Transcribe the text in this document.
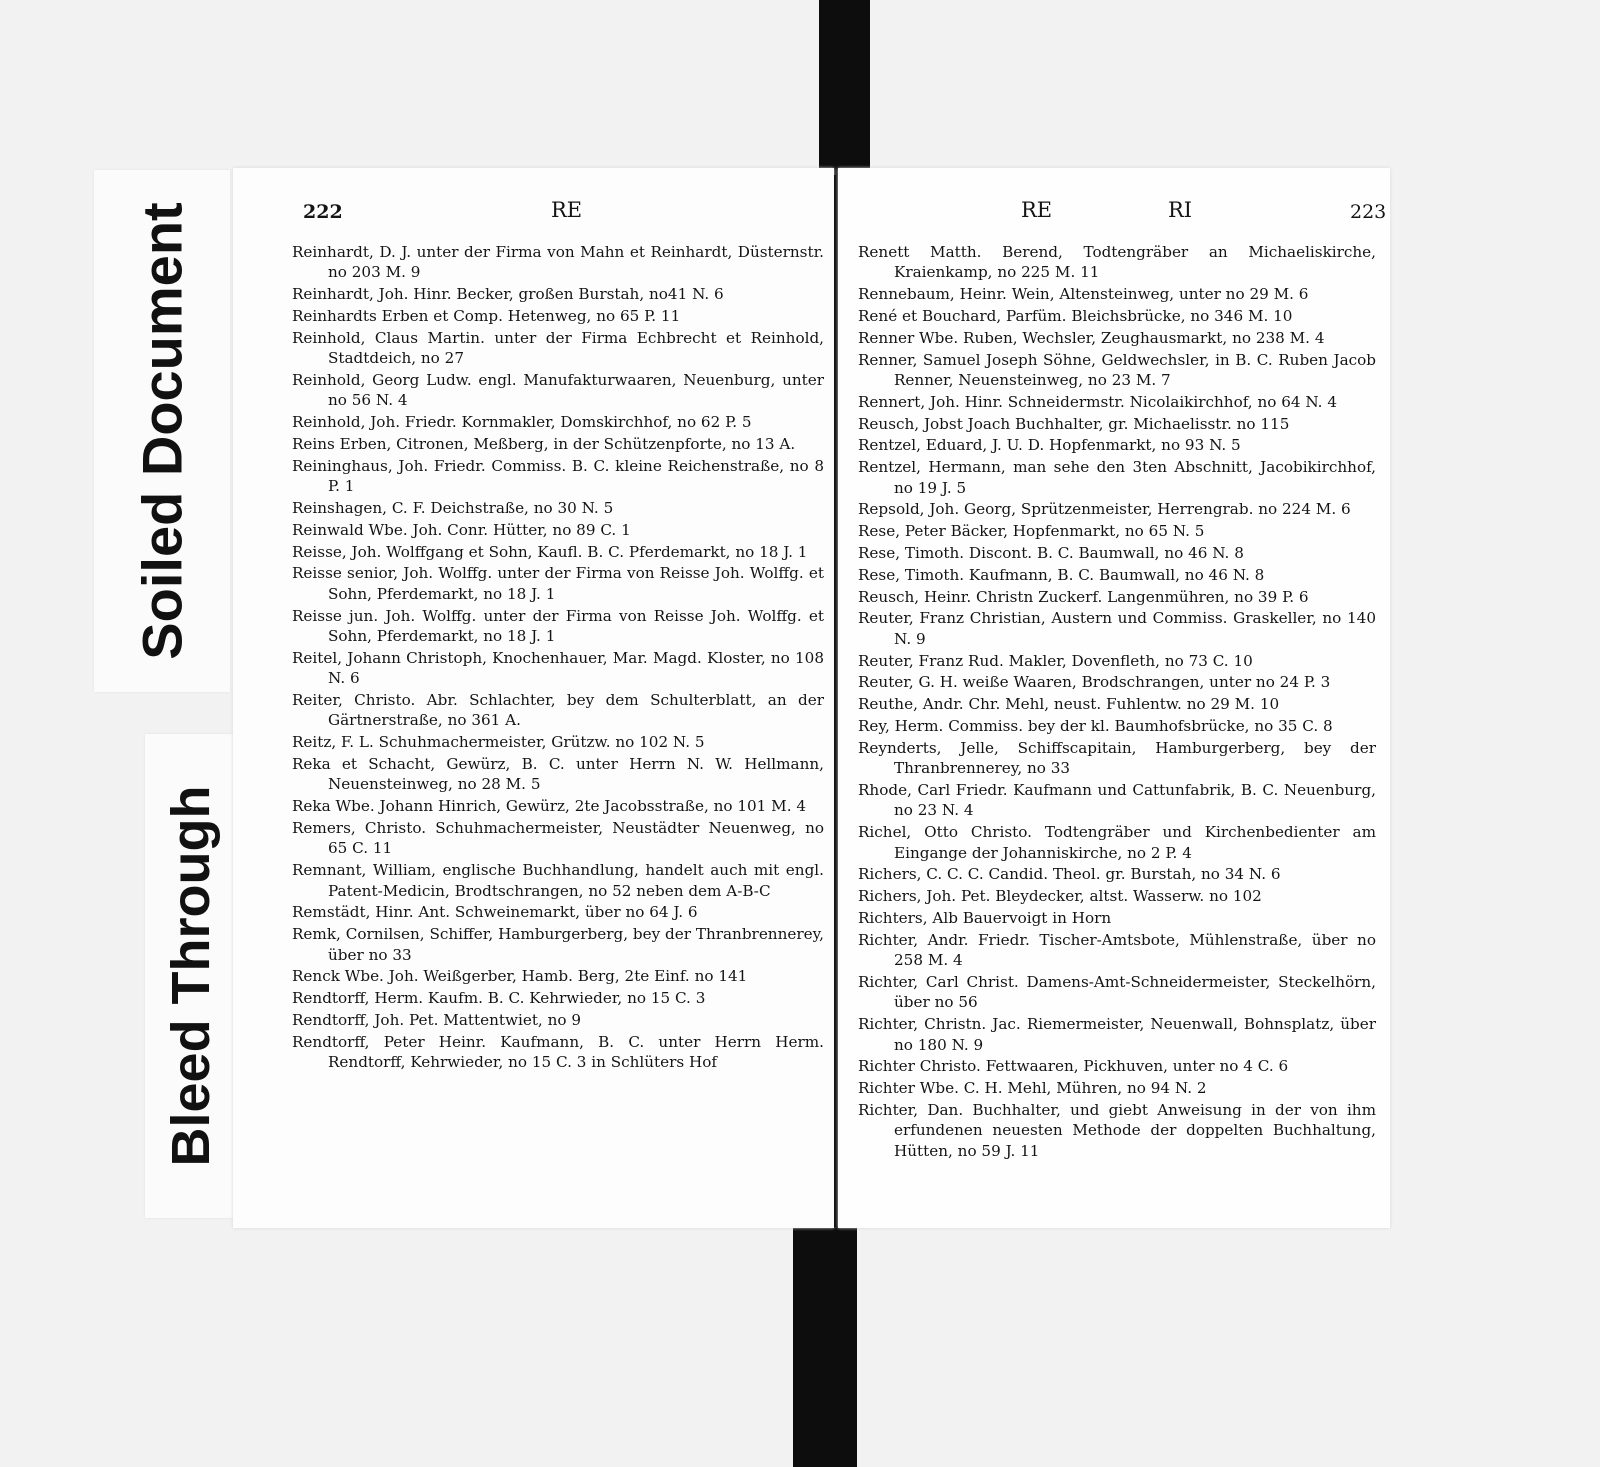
Soiled Document
Bleed Through
222	RE
Reinhardt, D. J. unter der Firma von Mahn et Reinhardt, Düsternstr. no 203 M. 9
Reinhardt, Joh. Hinr. Becker, großen Burstah, no41 N. 6
Reinhardts Erben et Comp. Hetenweg, no 65 P. 11
Reinhold, Claus Martin. unter der Firma Echbrecht et Reinhold, Stadtdeich, no 27
Reinhold, Georg Ludw. engl. Manufakturwaaren, Neuenburg, unter no 56 N. 4
Reinhold, Joh. Friedr. Kornmakler, Domskirchhof, no 62 P. 5
Reins Erben, Citronen, Meßberg, in der Schützenpforte, no 13 A.
Reininghaus, Joh. Friedr. Commiss. B. C. kleine Reichenstraße, no 8 P. 1
Reinshagen, C. F. Deichstraße, no 30 N. 5
Reinwald Wbe. Joh. Conr. Hütter, no 89 C. 1
Reisse, Joh. Wolffgang et Sohn, Kaufl. B. C. Pferdemarkt, no 18 J. 1
Reisse senior, Joh. Wolffg. unter der Firma von Reisse Joh. Wolffg. et Sohn, Pferdemarkt, no 18 J. 1
Reisse jun. Joh. Wolffg. unter der Firma von Reisse Joh. Wolffg. et Sohn, Pferdemarkt, no 18 J. 1
Reitel, Johann Christoph, Knochenhauer, Mar. Magd. Kloster, no 108 N. 6
Reiter, Christo. Abr. Schlachter, bey dem Schulterblatt, an der Gärtnerstraße, no 361 A.
Reitz, F. L. Schuhmachermeister, Grützw. no 102 N. 5
Reka et Schacht, Gewürz, B. C. unter Herrn N. W. Hellmann, Neuensteinweg, no 28 M. 5
Reka Wbe. Johann Hinrich, Gewürz, 2te Jacobsstraße, no 101 M. 4
Remers, Christo. Schuhmachermeister, Neustädter Neuenweg, no 65 C. 11
Remnant, William, englische Buchhandlung, handelt auch mit engl. Patent-Medicin, Brodtschrangen, no 52 neben dem A-B-C
Remstädt, Hinr. Ant. Schweinemarkt, über no 64 J. 6
Remk, Cornilsen, Schiffer, Hamburgerberg, bey der Thranbrennerey, über no 33
Renck Wbe. Joh. Weißgerber, Hamb. Berg, 2te Einf. no 141
Rendtorff, Herm. Kaufm. B. C. Kehrwieder, no 15 C. 3
Rendtorff, Joh. Pet. Mattentwiet, no 9
Rendtorff, Peter Heinr. Kaufmann, B. C. unter Herrn Herm. Rendtorff, Kehrwieder, no 15 C. 3 in Schlüters Hof
RE	RI	223
Renett Matth. Berend, Todtengräber an Michaeliskirche, Kraienkamp, no 225 M. 11
Rennebaum, Heinr. Wein, Altensteinweg, unter no 29 M. 6
René et Bouchard, Parfüm. Bleichsbrücke, no 346 M. 10
Renner Wbe. Ruben, Wechsler, Zeughausmarkt, no 238 M. 4
Renner, Samuel Joseph Söhne, Geldwechsler, in B. C. Ruben Jacob Renner, Neuensteinweg, no 23 M. 7
Rennert, Joh. Hinr. Schneidermstr. Nicolaikirchhof, no 64 N. 4
Reusch, Jobst Joach Buchhalter, gr. Michaelisstr. no 115
Rentzel, Eduard, J. U. D. Hopfenmarkt, no 93 N. 5
Rentzel, Hermann, man sehe den 3ten Abschnitt, Jacobikirchhof, no 19 J. 5
Repsold, Joh. Georg, Sprützenmeister, Herrengrab. no 224 M. 6
Rese, Peter Bäcker, Hopfenmarkt, no 65 N. 5
Rese, Timoth. Discont. B. C. Baumwall, no 46 N. 8
Rese, Timoth. Kaufmann, B. C. Baumwall, no 46 N. 8
Reusch, Heinr. Christn Zuckerf. Langenmühren, no 39 P. 6
Reuter, Franz Christian, Austern und Commiss. Graskeller, no 140 N. 9
Reuter, Franz Rud. Makler, Dovenfleth, no 73 C. 10
Reuter, G. H. weiße Waaren, Brodschrangen, unter no 24 P. 3
Reuthe, Andr. Chr. Mehl, neust. Fuhlentw. no 29 M. 10
Rey, Herm. Commiss. bey der kl. Baumhofsbrücke, no 35 C. 8
Reynderts, Jelle, Schiffscapitain, Hamburgerberg, bey der Thranbrennerey, no 33
Rhode, Carl Friedr. Kaufmann und Cattunfabrik, B. C. Neuenburg, no 23 N. 4
Richel, Otto Christo. Todtengräber und Kirchenbedienter am Eingange der Johanniskirche, no 2 P. 4
Richers, C. C. C. Candid. Theol. gr. Burstah, no 34 N. 6
Richers, Joh. Pet. Bleydecker, altst. Wasserw. no 102
Richters, Alb Bauervoigt in Horn
Richter, Andr. Friedr. Tischer-Amtsbote, Mühlenstraße, über no 258 M. 4
Richter, Carl Christ. Damens-Amt-Schneidermeister, Steckelhörn, über no 56
Richter, Christn. Jac. Riemermeister, Neuenwall, Bohnsplatz, über no 180 N. 9
Richter Christo. Fettwaaren, Pickhuven, unter no 4 C. 6
Richter Wbe. C. H. Mehl, Mühren, no 94 N. 2
Richter, Dan. Buchhalter, und giebt Anweisung in der von ihm erfundenen neuesten Methode der doppelten Buchhaltung, Hütten, no 59 J. 11
